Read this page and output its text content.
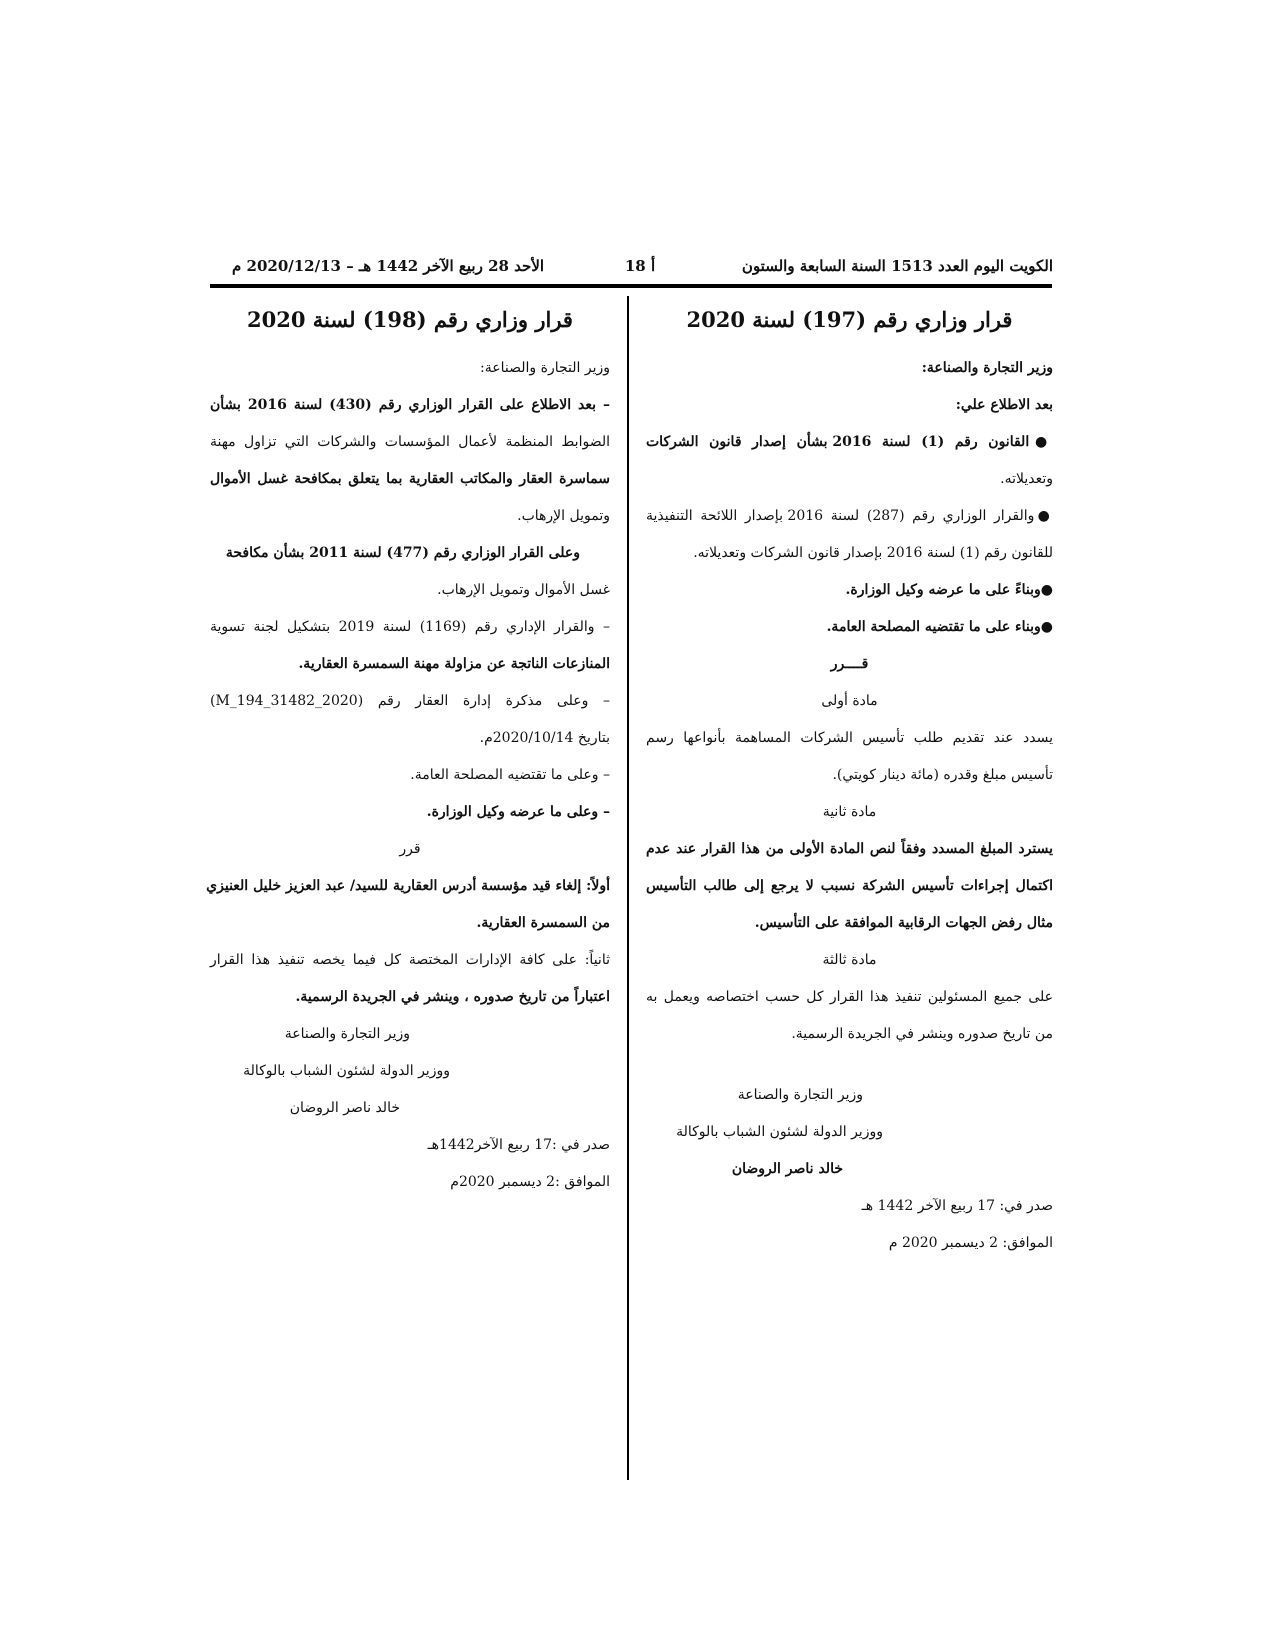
الكويت اليوم العدد 1513 السنة السابعة والستون
أ 18
الأحد 28 ربيع الآخر 1442 هـ – 2020/12/13 م
قرار وزاري رقم (197) لسنة 2020
وزير التجارة والصناعة:
بعد الاطلاع علي:
●القانون رقم (1) لسنة 2016 بشأن إصدار قانون الشركات
وتعديلاته.
●والقرار الوزاري رقم (287) لسنة 2016 بإصدار اللائحة التنفيذية
للقانون رقم (1) لسنة 2016 بإصدار قانون الشركات وتعديلاته.
●وبناءً على ما عرضه وكيل الوزارة.
●وبناء على ما تقتضيه المصلحة العامة.
قــــرر
مادة أولى
يسدد عند تقديم طلب تأسيس الشركات المساهمة بأنواعها رسم
تأسيس مبلغ وقدره (مائة دينار كويتي).
مادة ثانية
يسترد المبلغ المسدد وفقاً لنص المادة الأولى من هذا القرار عند عدم
اكتمال إجراءات تأسيس الشركة نسبب لا يرجع إلى طالب التأسيس
مثال رفض الجهات الرقابية الموافقة على التأسيس.
مادة ثالثة
على جميع المسئولين تنفيذ هذا القرار كل حسب اختصاصه ويعمل به
من تاريخ صدوره وينشر في الجريدة الرسمية.
وزير التجارة والصناعة
ووزير الدولة لشئون الشباب بالوكالة
خالد ناصر الروضان
صدر في: 17 ربيع الآخر 1442 هـ
الموافق: 2 ديسمبر 2020 م
قرار وزاري رقم (198) لسنة 2020
وزير التجارة والصناعة:
– بعد الاطلاع على القرار الوزاري رقم (430) لسنة 2016 بشأن
الضوابط المنظمة لأعمال المؤسسات والشركات التي تزاول مهنة
سماسرة العقار والمكاتب العقارية بما يتعلق بمكافحة غسل الأموال
وتمويل الإرهاب.
وعلى القرار الوزاري رقم (477) لسنة 2011 بشأن مكافحة
غسل الأموال وتمويل الإرهاب.
– والقرار الإداري رقم (1169) لسنة 2019 بتشكيل لجنة تسوية
المنازعات الناتجة عن مزاولة مهنة السمسرة العقارية.
– وعلى مذكرة إدارة العقار رقم (M_194_31482_2020)
بتاريخ 2020/10/14م.
– وعلى ما تقتضيه المصلحة العامة.
– وعلى ما عرضه وكيل الوزارة.
قرر
أولاً: إلغاء قيد مؤسسة أدرس العقارية للسيد/ عبد العزيز خليل العنيزي
من السمسرة العقارية.
ثانياً: على كافة الإدارات المختصة كل فيما يخصه تنفيذ هذا القرار
اعتباراً من تاريخ صدوره ، وينشر في الجريدة الرسمية.
وزير التجارة والصناعة
ووزير الدولة لشئون الشباب بالوكالة
خالد ناصر الروضان
صدر في :17 ربيع الآخر1442هـ
الموافق :2 ديسمبر 2020م
